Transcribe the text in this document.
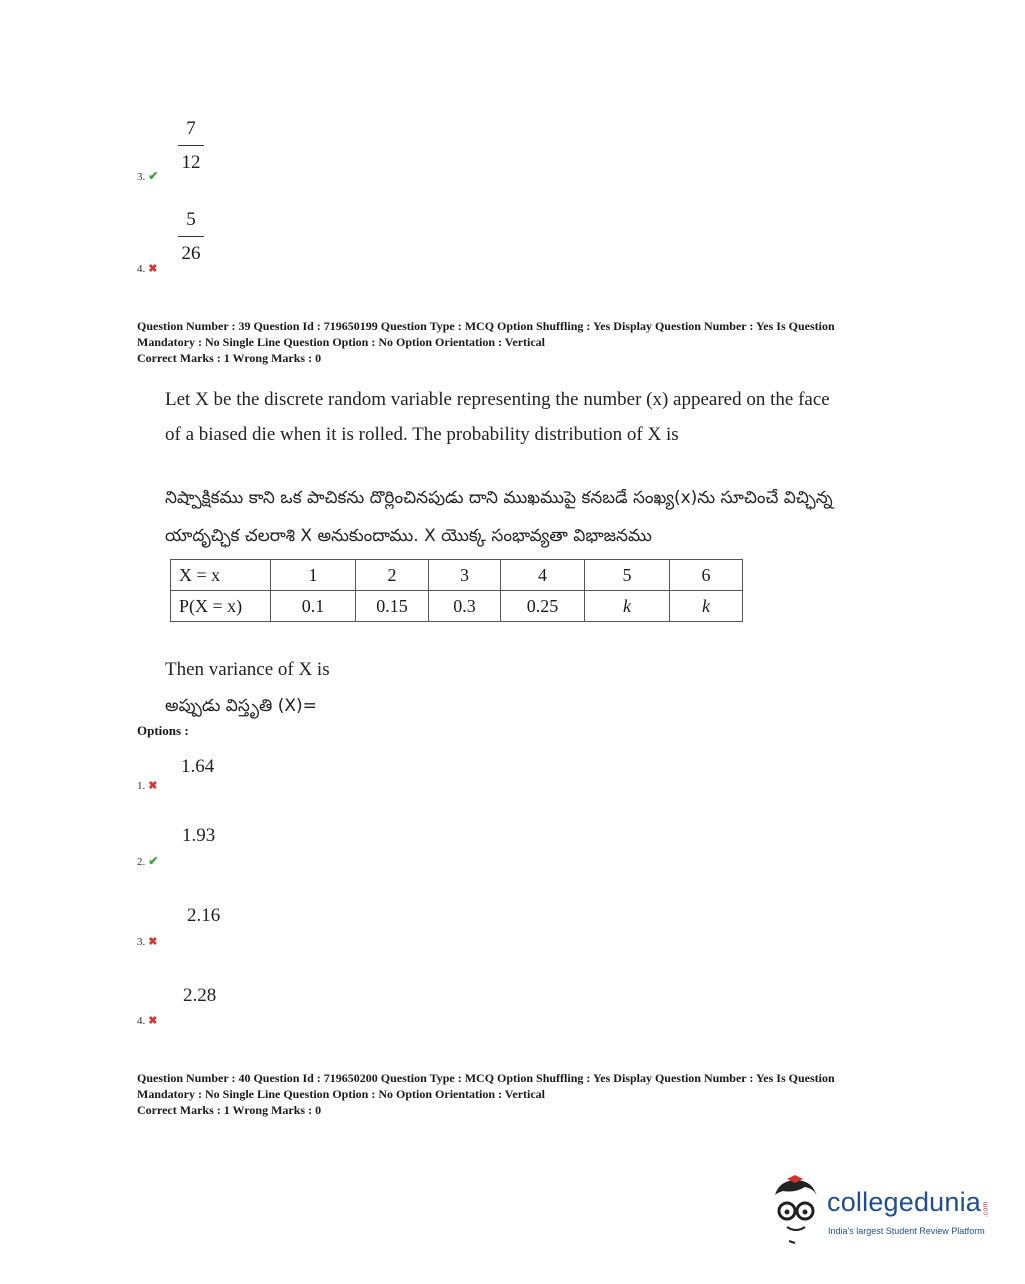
7
12
3. ✔
5
26
4. ✖
Question Number : 39 Question Id : 719650199 Question Type : MCQ Option Shuffling : Yes Display Question Number : Yes Is Question
Mandatory : No Single Line Question Option : No Option Orientation : Vertical
Correct Marks : 1 Wrong Marks : 0
Let X be the discrete random variable representing the number (x) appeared on the face
of a biased die when it is rolled. The probability distribution of X is
నిష్పాక్షికము కాని ఒక పాచికను దొర్లించినపుడు దాని ముఖముపై కనబడే సంఖ్య(x)ను సూచించే విచ్ఛిన్న
యాదృచ్ఛిక చలరాశి X అనుకుందాము. X యొక్క సంభావ్యతా విభాజనము
X = x	1	2	3	4	5	6
P(X = x)	0.1	0.15	0.3	0.25	k	k
Then variance of X is
అప్పుడు విస్తృతి (X)=
Options :
1.64
1. ✖
1.93
2. ✔
2.16
3. ✖
2.28
4. ✖
Question Number : 40 Question Id : 719650200 Question Type : MCQ Option Shuffling : Yes Display Question Number : Yes Is Question
Mandatory : No Single Line Question Option : No Option Orientation : Vertical
Correct Marks : 1 Wrong Marks : 0
collegedunia.com
India's largest Student Review Platform
